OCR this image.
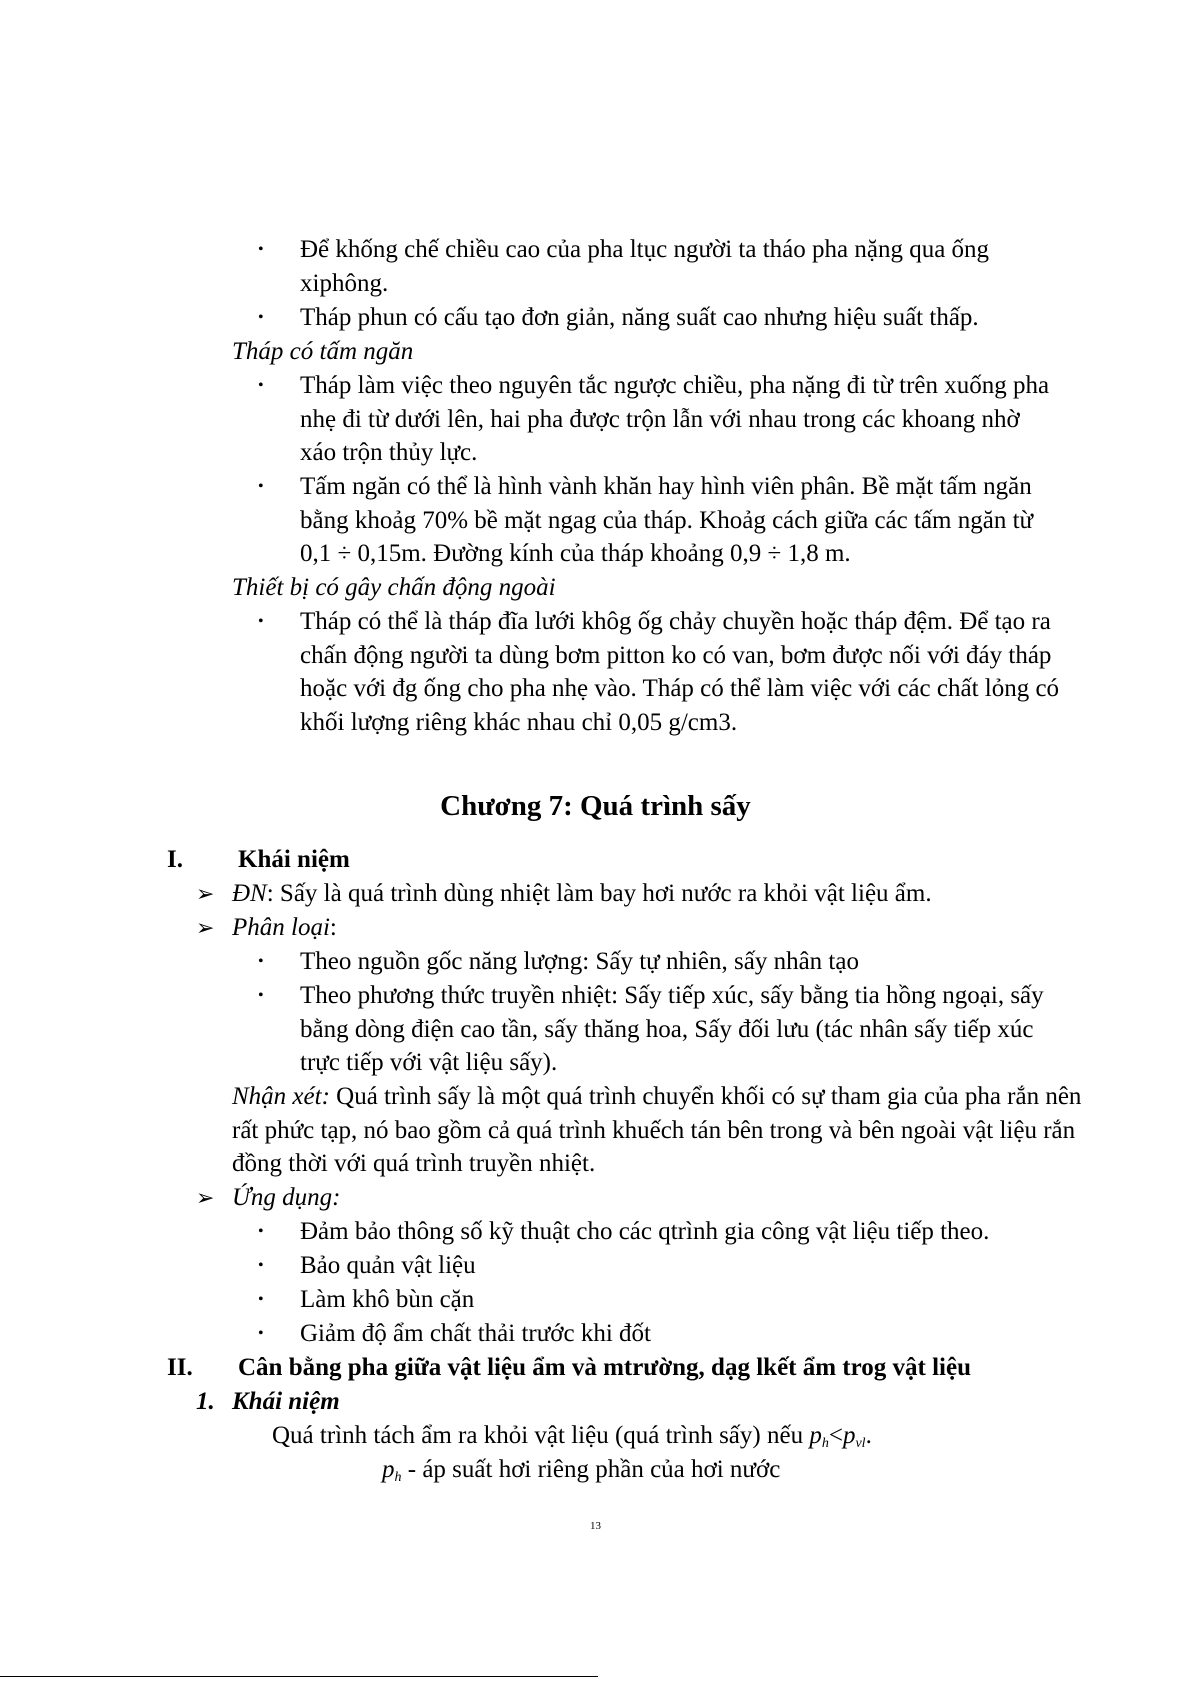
• Để khống chế chiều cao của pha ltục người ta tháo pha nặng qua ống xiphông.
• Tháp phun có cấu tạo đơn giản, năng suất cao nhưng hiệu suất thấp.
Tháp có tấm ngăn
• Tháp làm việc theo nguyên tắc ngược chiều, pha nặng đi từ trên xuống pha nhẹ đi từ dưới lên, hai pha được trộn lẫn với nhau trong các khoang nhờ xáo trộn thủy lực.
• Tấm ngăn có thể là hình vành khăn hay hình viên phân. Bề mặt tấm ngăn bằng khoảg 70% bề mặt ngag của tháp. Khoảg cách giữa các tấm ngăn từ 0,1 ÷ 0,15m. Đường kính của tháp khoảng 0,9 ÷ 1,8 m.
Thiết bị có gây chấn động ngoài
• Tháp có thể là tháp đĩa lưới khôg ốg chảy chuyền hoặc tháp đệm. Để tạo ra chấn động người ta dùng bơm pitton ko có van, bơm được nối với đáy tháp hoặc với đg ống cho pha nhẹ vào. Tháp có thể làm việc với các chất lỏng có khối lượng riêng khác nhau chỉ 0,05 g/cm3.
Chương 7: Quá trình sấy
I. Khái niệm
➢ ĐN: Sấy là quá trình dùng nhiệt làm bay hơi nước ra khỏi vật liệu ẩm.
➢ Phân loại:
• Theo nguồn gốc năng lượng: Sấy tự nhiên, sấy nhân tạo
• Theo phương thức truyền nhiệt: Sấy tiếp xúc, sấy bằng tia hồng ngoại, sấy bằng dòng điện cao tần, sấy thăng hoa, Sấy đối lưu (tác nhân sấy tiếp xúc trực tiếp với vật liệu sấy).
Nhận xét: Quá trình sấy là một quá trình chuyển khối có sự tham gia của pha rắn nên rất phức tạp, nó bao gồm cả quá trình khuếch tán bên trong và bên ngoài vật liệu rắn đồng thời với quá trình truyền nhiệt.
➢ Ứng dụng:
• Đảm bảo thông số kỹ thuật cho các qtrình gia công vật liệu tiếp theo.
• Bảo quản vật liệu
• Làm khô bùn cặn
• Giảm độ ẩm chất thải trước khi đốt
II. Cân bằng pha giữa vật liệu ẩm và mtrường, dạg lkết ẩm trog vật liệu
1. Khái niệm
Quá trình tách ẩm ra khỏi vật liệu (quá trình sấy) nếu $p_h<p_{vl}$.
$p_h$ - áp suất hơi riêng phần của hơi nước
13
